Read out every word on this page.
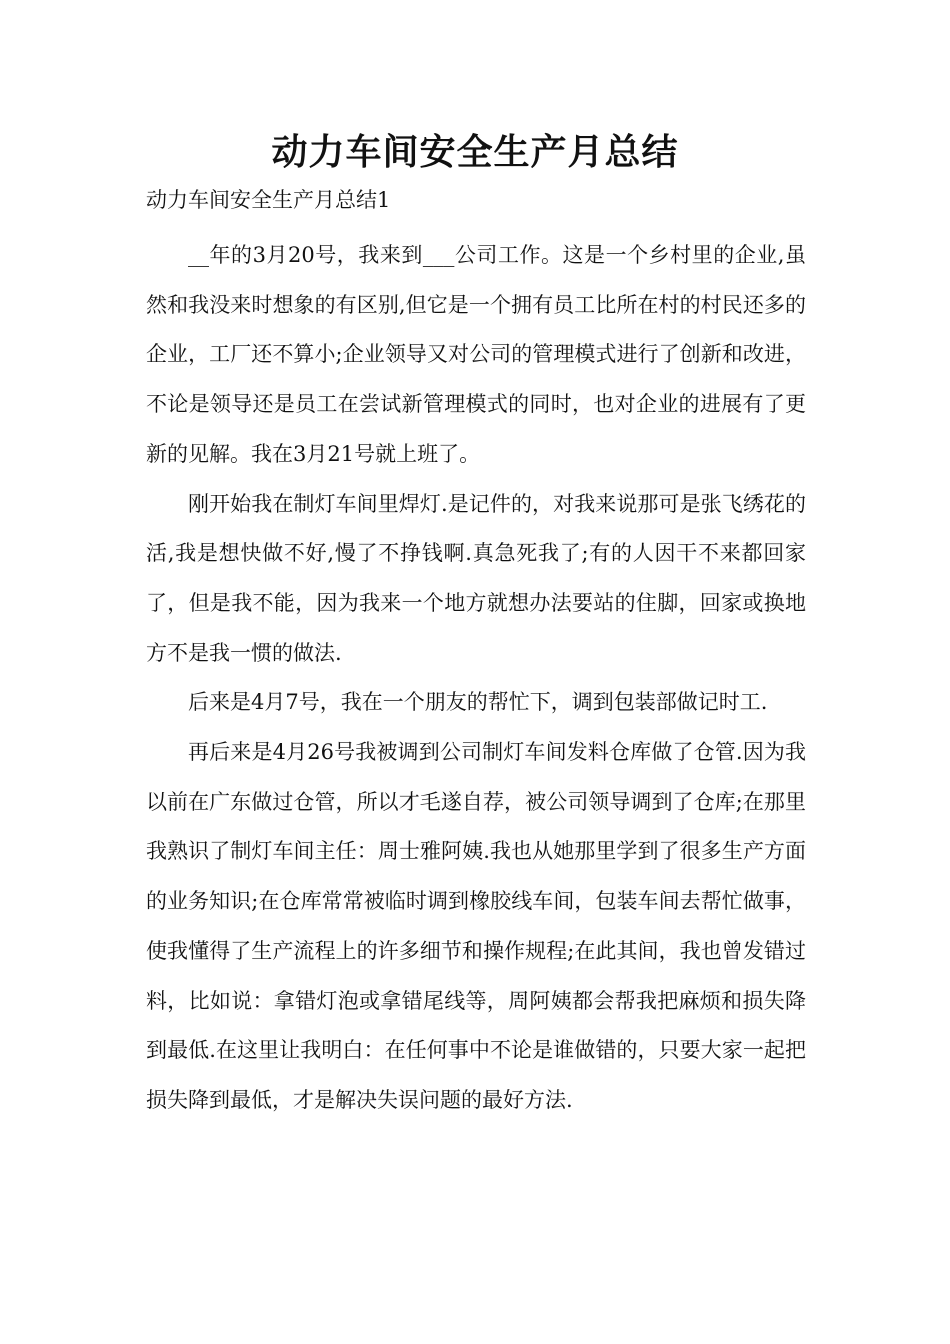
动力车间安全生产月总结

动力车间安全生产月总结1

__年的3月20号，我来到___公司工作。这是一个乡村里的企业,虽然和我没来时想象的有区别,但它是一个拥有员工比所在村的村民还多的企业，工厂还不算小;企业领导又对公司的管理模式进行了创新和改进，不论是领导还是员工在尝试新管理模式的同时，也对企业的进展有了更新的见解。我在3月21号就上班了。

刚开始我在制灯车间里焊灯.是记件的，对我来说那可是张飞绣花的活,我是想快做不好,慢了不挣钱啊.真急死我了;有的人因干不来都回家了，但是我不能，因为我来一个地方就想办法要站的住脚，回家或换地方不是我一惯的做法.

后来是4月7号，我在一个朋友的帮忙下，调到包装部做记时工.

再后来是4月26号我被调到公司制灯车间发料仓库做了仓管.因为我以前在广东做过仓管，所以才毛遂自荐，被公司领导调到了仓库;在那里我熟识了制灯车间主任：周士雅阿姨.我也从她那里学到了很多生产方面的业务知识;在仓库常常被临时调到橡胶线车间，包装车间去帮忙做事，使我懂得了生产流程上的许多细节和操作规程;在此其间，我也曾发错过料，比如说：拿错灯泡或拿错尾线等，周阿姨都会帮我把麻烦和损失降到最低.在这里让我明白：在任何事中不论是谁做错的，只要大家一起把损失降到最低，才是解决失误问题的最好方法.
